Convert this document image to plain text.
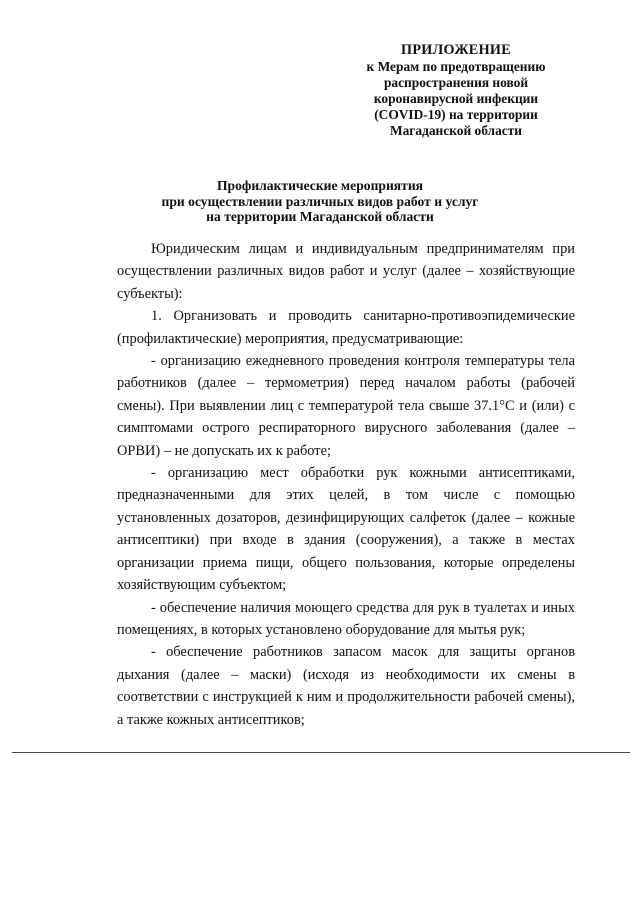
ПРИЛОЖЕНИЕ
к Мерам по предотвращению
распространения новой
коронавирусной инфекции
(COVID-19) на территории
Магаданской области
Профилактические мероприятия
при осуществлении различных видов работ и услуг
на территории Магаданской области

Юридическим лицам и индивидуальным предпринимателям при осуществлении различных видов работ и услуг (далее – хозяйствующие субъекты):

1. Организовать и проводить санитарно-противоэпидемические (профилактические) мероприятия, предусматривающие:

- организацию ежедневного проведения контроля температуры тела работников (далее – термометрия) перед началом работы (рабочей смены). При выявлении лиц с температурой тела свыше 37.1°С и (или) с симптомами острого респираторного вирусного заболевания (далее – ОРВИ) – не допускать их к работе;

- организацию мест обработки рук кожными антисептиками, предназначенными для этих целей, в том числе с помощью установленных дозаторов, дезинфицирующих салфеток (далее – кожные антисептики) при входе в здания (сооружения), а также в местах организации приема пищи, общего пользования, которые определены хозяйствующим субъектом;

- обеспечение наличия моющего средства для рук в туалетах и иных помещениях, в которых установлено оборудование для мытья рук;

- обеспечение работников запасом масок для защиты органов дыхания (далее – маски) (исходя из необходимости их смены в соответствии с инструкцией к ним и продолжительности рабочей смены), а также кожных антисептиков;
